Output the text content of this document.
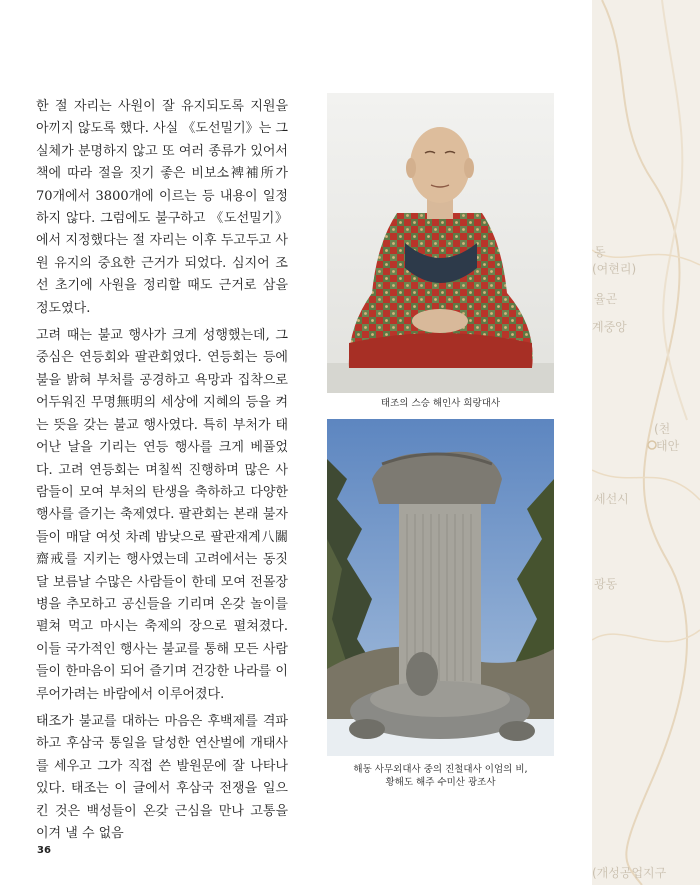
동
(여현리)
율곤
계중앙
(천
태안
세선시
광동
(개성공업지구

한 절 자리는 사원이 잘 유지되도록 지원을 아끼지 않도록 했다. 사실 《도선밀기》는 그 실체가 분명하지 않고 또 여러 종류가 있어서 책에 따라 절을 짓기 좋은 비보소裨補所가 70개에서 3800개에 이르는 등 내용이 일정하지 않다. 그럼에도 불구하고 《도선밀기》에서 지정했다는 절 자리는 이후 두고두고 사원 유지의 중요한 근거가 되었다. 심지어 조선 초기에 사원을 정리할 때도 근거로 삼을 정도였다.

고려 때는 불교 행사가 크게 성행했는데, 그 중심은 연등회와 팔관회였다. 연등회는 등에 불을 밝혀 부처를 공경하고 욕망과 집착으로 어두워진 무명無明의 세상에 지혜의 등을 켜는 뜻을 갖는 불교 행사였다. 특히 부처가 태어난 날을 기리는 연등 행사를 크게 베풀었다. 고려 연등회는 며칠씩 진행하며 많은 사람들이 모여 부처의 탄생을 축하하고 다양한 행사를 즐기는 축제였다. 팔관회는 본래 불자들이 매달 여섯 차례 밤낮으로 팔관재계八關齋戒를 지키는 행사였는데 고려에서는 동짓달 보름날 수많은 사람들이 한데 모여 전몰장병을 추모하고 공신들을 기리며 온갖 놀이를 펼쳐 먹고 마시는 축제의 장으로 펼쳐졌다. 이들 국가적인 행사는 불교를 통해 모든 사람들이 한마음이 되어 즐기며 건강한 나라를 이루어가려는 바람에서 이루어졌다.

태조가 불교를 대하는 마음은 후백제를 격파하고 후삼국 통일을 달성한 연산벌에 개태사를 세우고 그가 직접 쓴 발원문에 잘 나타나 있다. 태조는 이 글에서 후삼국 전쟁을 일으킨 것은 백성들이 온갖 근심을 만나 고통을 이겨 낼 수 없음

태조의 스승 해인사 희랑대사
해동 사무외대사 중의 진철대사 이엄의 비,
황해도 해주 수미산 광조사
36
